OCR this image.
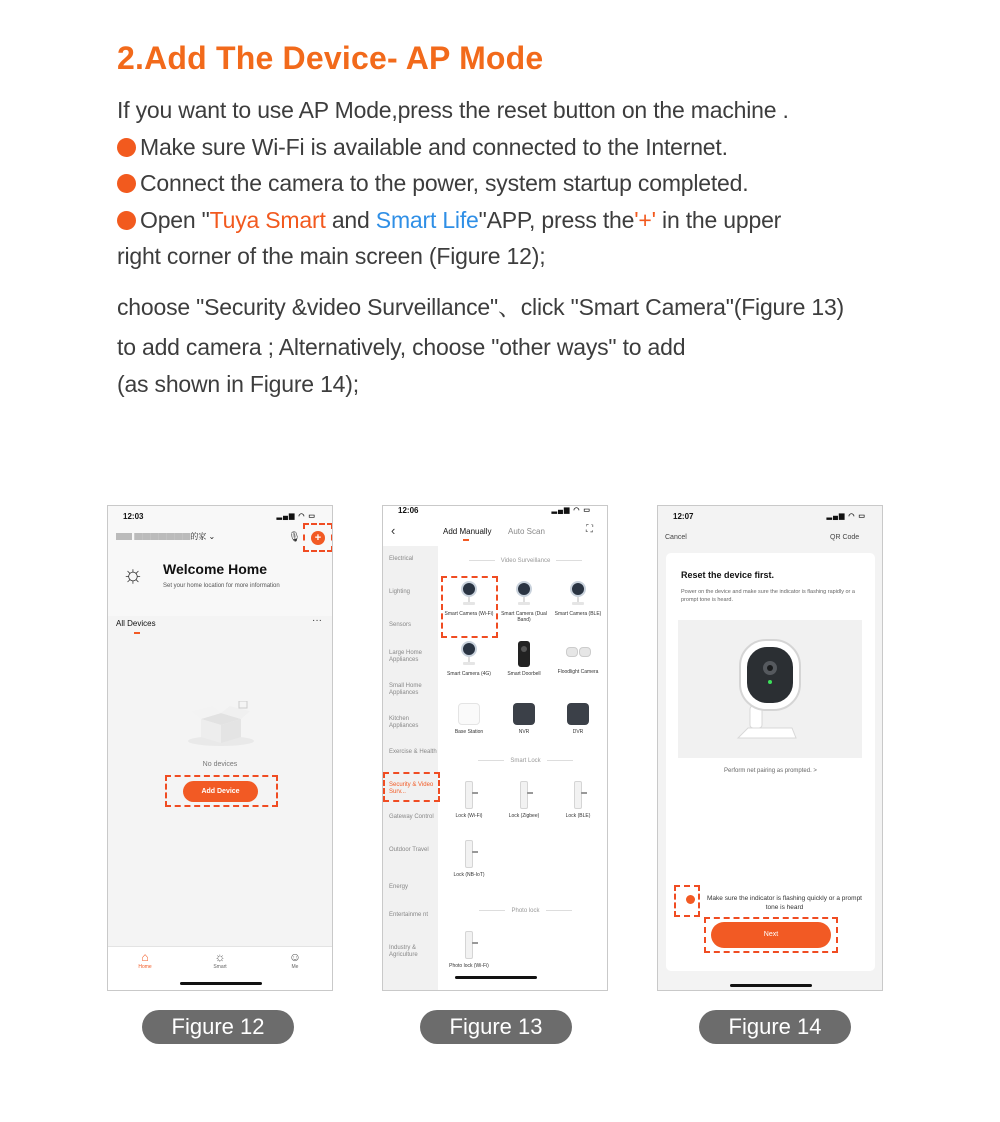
2.Add The Device- AP Mode
If you want to use AP Mode,press the reset button on the machine .
Make sure Wi-Fi is available and connected to the Internet.
Connect the camera to the power, system startup completed.
Open "Tuya Smart and Smart Life"APP, press the'+' in the upper
right corner of the main screen (Figure 12);
choose "Security &video Surveillance"、click "Smart Camera"(Figure 13)
to add camera ; Alternatively, choose "other ways" to add
(as shown in Figure 14);
12:03	▂▄▆ ◠ ▭
▇▇ ▇▇▇▇▇▇▇的家 ⌄	🎙	+
☼ Welcome Home
Set your home location for more information
All Devices	···
No devices
Add Device
⌂
Home
☼
Smart
☺
Me
12:06	▂▄▆ ◠ ▭
‹	Add Manually Auto Scan	⛶
Electrical
Lighting
Sensors
Large Home Appliances
Small Home Appliances
Kitchen Appliances
Exercise & Health
Security & Video Surv...
Gateway Control
Outdoor Travel
Energy
Entertainme nt
Industry & Agriculture
Video Surveillance
Smart Camera (Wi-Fi)	Smart Camera (Dual Band)
Smart Camera (BLE)
Smart Camera (4G)	Smart Doorbell	Floodlight Camera
Base Station	NVR	DVR
Smart Lock
Lock (Wi-Fi)	Lock (Zigbee)	Lock (BLE)
Lock (NB-IoT)
Photo lock
Photo lock (Wi-Fi)
12:07	▂▄▆ ◠ ▭
Cancel	QR Code
Reset the device first.
Power on the device and make sure the indicator is flashing rapidly or a prompt tone is heard.
Perform net pairing as prompted. >
Make sure the indicator is flashing quickly or a prompt tone is heard
Next
Figure 12	Figure 13	Figure 14
